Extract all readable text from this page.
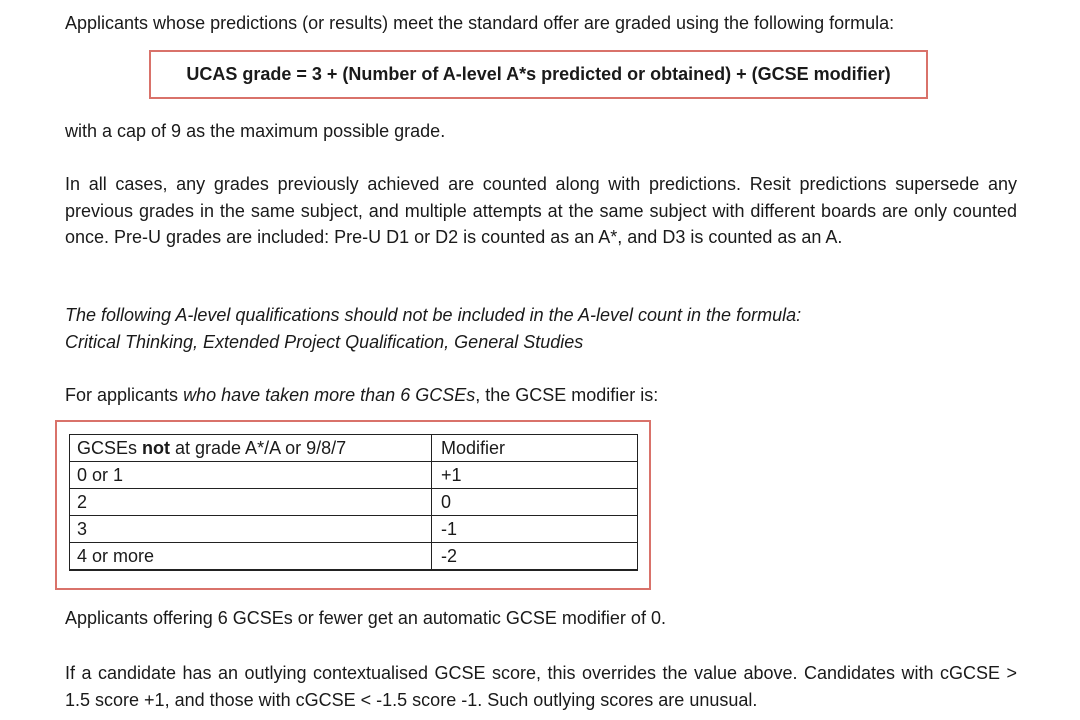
Applicants whose predictions (or results) meet the standard offer are graded using the following formula:

UCAS grade = 3 + (Number of A-level A*s predicted or obtained) + (GCSE modifier)

with a cap of 9 as the maximum possible grade.

In all cases, any grades previously achieved are counted along with predictions. Resit predictions supersede any previous grades in the same subject, and multiple attempts at the same subject with different boards are only counted once. Pre-U grades are included: Pre-U D1 or D2 is counted as an A*, and D3 is counted as an A.

The following A-level qualifications should not be included in the A-level count in the formula:
Critical Thinking, Extended Project Qualification, General Studies

For applicants who have taken more than 6 GCSEs, the GCSE modifier is:

GCSEs not at grade A*/A or 9/8/7	Modifier
0 or 1	+1
2	0
3	-1
4 or more	-2

Applicants offering 6 GCSEs or fewer get an automatic GCSE modifier of 0.

If a candidate has an outlying contextualised GCSE score, this overrides the value above. Candidates with cGCSE > 1.5 score +1, and those with cGCSE < -1.5 score -1. Such outlying scores are unusual.
